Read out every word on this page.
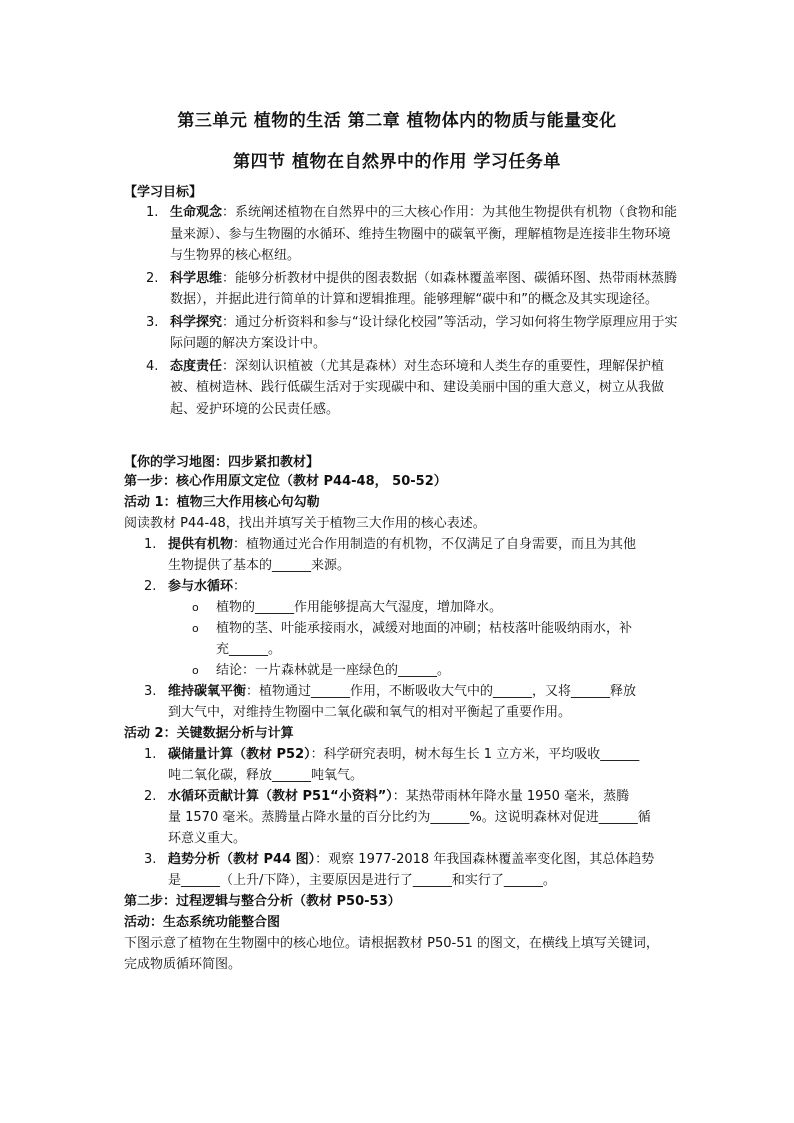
第三单元 植物的生活 第二章 植物体内的物质与能量变化
第四节 植物在自然界中的作用 学习任务单
【学习目标】
1. 生命观念：系统阐述植物在自然界中的三大核心作用：为其他生物提供有机物（食物和能量来源）、参与生物圈的水循环、维持生物圈中的碳氧平衡，理解植物是连接非生物环境与生物界的核心枢纽。
2. 科学思维：能够分析教材中提供的图表数据（如森林覆盖率图、碳循环图、热带雨林蒸腾数据），并据此进行简单的计算和逻辑推理。能够理解“碳中和”的概念及其实现途径。
3. 科学探究：通过分析资料和参与“设计绿化校园”等活动，学习如何将生物学原理应用于实际问题的解决方案设计中。
4. 态度责任：深刻认识植被（尤其是森林）对生态环境和人类生存的重要性，理解保护植被、植树造林、践行低碳生活对于实现碳中和、建设美丽中国的重大意义，树立从我做起、爱护环境的公民责任感。
【你的学习地图：四步紧扣教材】
第一步：核心作用原文定位（教材 P44-48， 50-52）
活动 1：植物三大作用核心句勾勒
阅读教材 P44-48，找出并填写关于植物三大作用的核心表述。
1. 提供有机物：植物通过光合作用制造的有机物，不仅满足了自身需要，而且为其他
生物提供了基本的______来源。
2. 参与水循环：
o 植物的______作用能够提高大气湿度，增加降水。
o 植物的茎、叶能承接雨水，减缓对地面的冲刷；枯枝落叶能吸纳雨水，补
充______。
o 结论：一片森林就是一座绿色的______。
3. 维持碳氧平衡：植物通过______作用，不断吸收大气中的______，又将______释放
到大气中，对维持生物圈中二氧化碳和氧气的相对平衡起了重要作用。
活动 2：关键数据分析与计算
1. 碳储量计算（教材 P52）：科学研究表明，树木每生长 1 立方米，平均吸收______
吨二氧化碳，释放______吨氧气。
2. 水循环贡献计算（教材 P51“小资料”）：某热带雨林年降水量 1950 毫米，蒸腾
量 1570 毫米。蒸腾量占降水量的百分比约为______%。这说明森林对促进______循
环意义重大。
3. 趋势分析（教材 P44 图）：观察 1977-2018 年我国森林覆盖率变化图，其总体趋势
是______（上升/下降），主要原因是进行了______和实行了______。
第二步：过程逻辑与整合分析（教材 P50-53）
活动：生态系统功能整合图
下图示意了植物在生物圈中的核心地位。请根据教材 P50-51 的图文，在横线上填写关键词，
完成物质循环简图。
